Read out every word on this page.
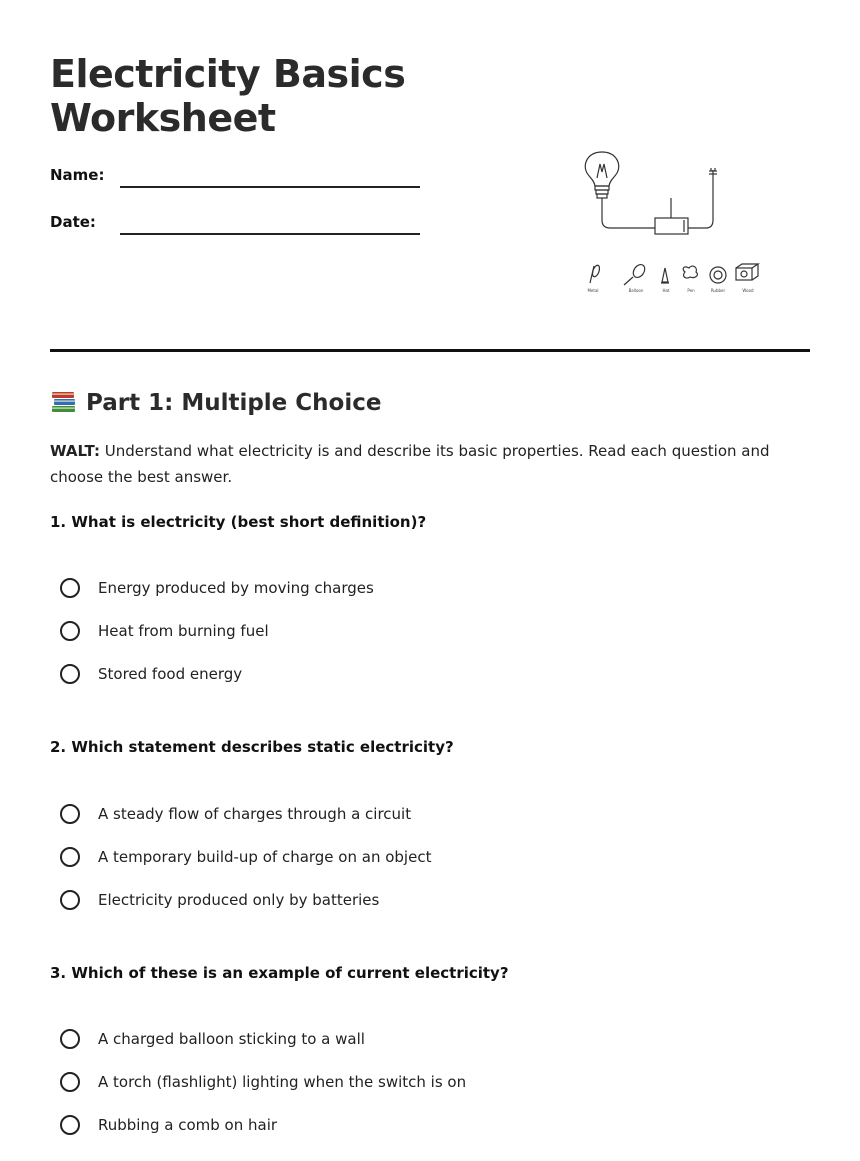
Electricity Basics Worksheet
Name:
Date:
Metal	Balloon	Hat	Pen	Rubber	Wood
Part 1: Multiple Choice

WALT: Understand what electricity is and describe its basic properties. Read each question and choose the best answer.

1. What is electricity (best short definition)?
Energy produced by moving charges
Heat from burning fuel
Stored food energy
2. Which statement describes static electricity?
A steady flow of charges through a circuit
A temporary build-up of charge on an object
Electricity produced only by batteries
3. Which of these is an example of current electricity?
A charged balloon sticking to a wall
A torch (flashlight) lighting when the switch is on
Rubbing a comb on hair
